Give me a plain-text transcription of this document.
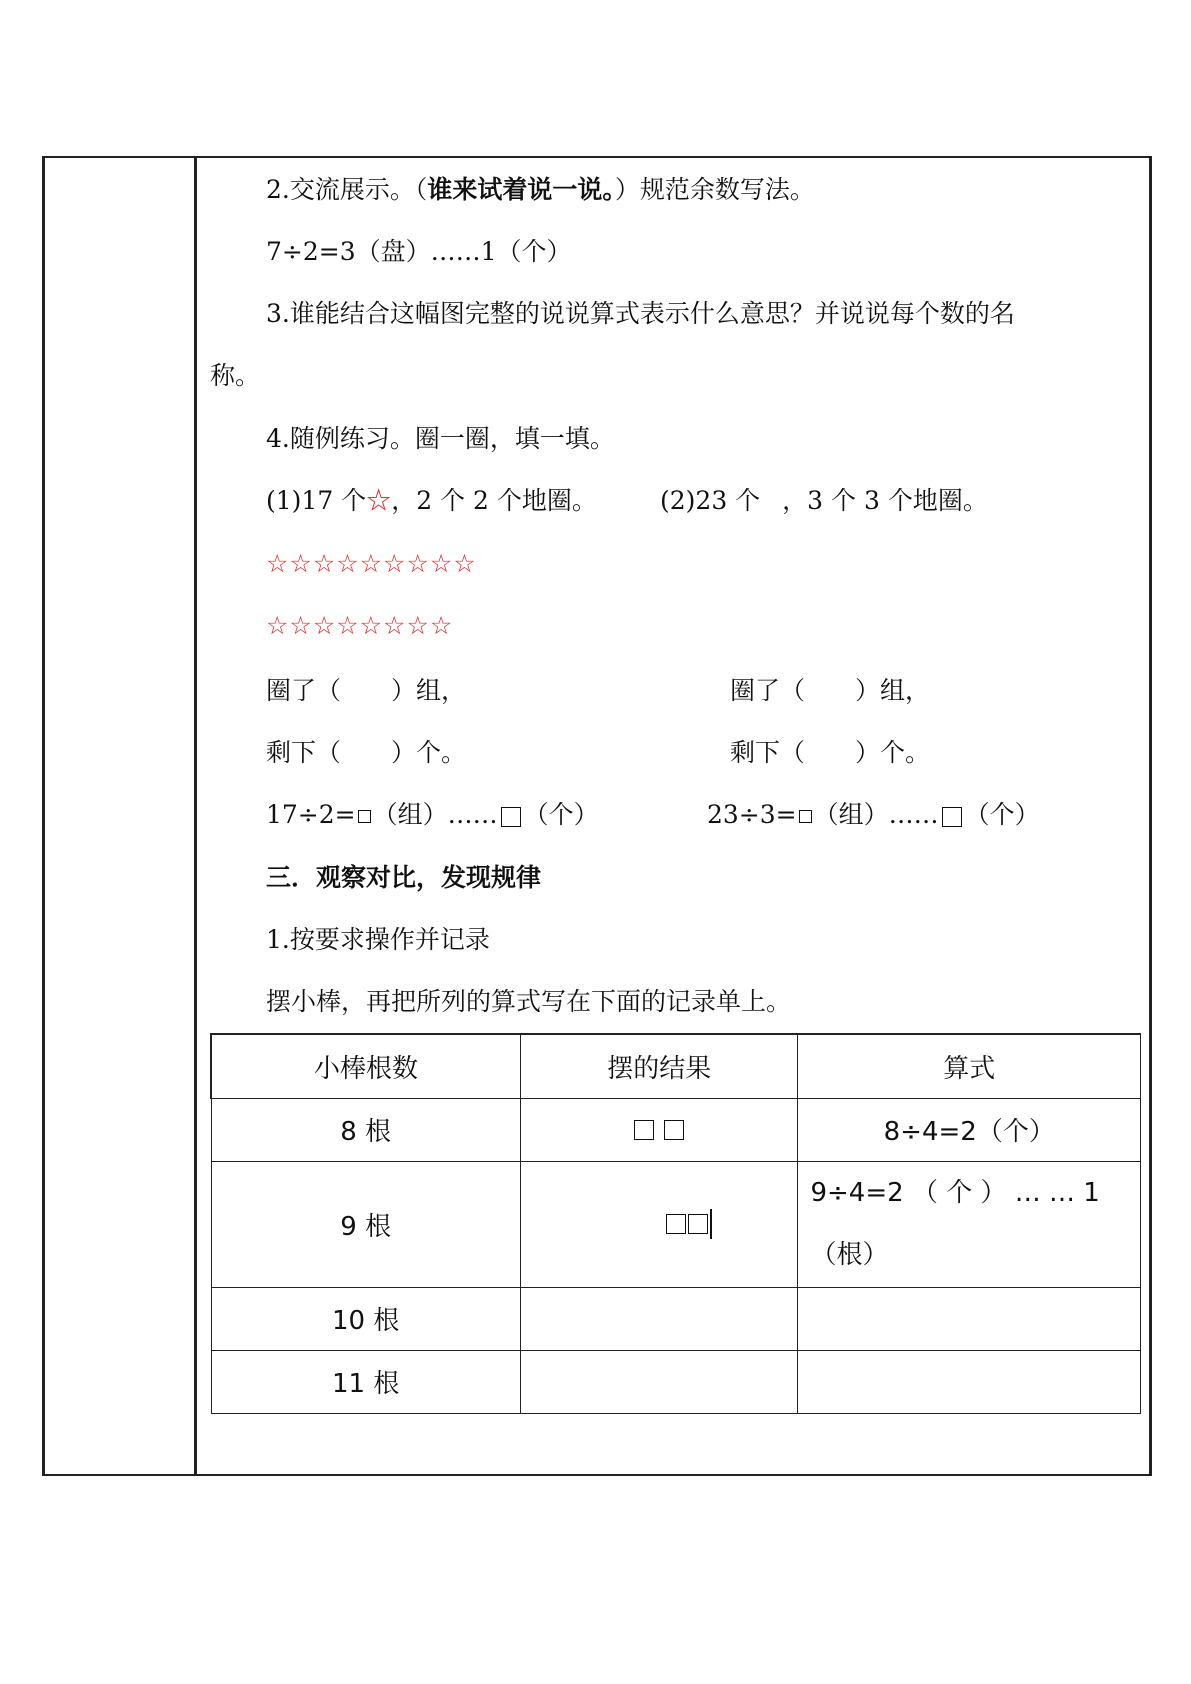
2.交流展示。（谁来试着说一说。）规范余数写法。
7÷2=3（盘）……1（个）
3.谁能结合这幅图完整的说说算式表示什么意思？并说说每个数的名
称。
4.随例练习。圈一圈，填一填。
(1)17 个☆，2 个 2 个地圈。	(2)23 个 ，3 个 3 个地圈。
☆☆☆☆☆☆☆☆☆
☆☆☆☆☆☆☆☆
圈了（　　）组，	圈了（　　）组，
剩下（　　）个。	剩下（　　）个。
17÷2= （组）…… （个）	23÷3= （组）…… （个）
三．观察对比，发现规律
1.按要求操作并记录
摆小棒，再把所列的算式写在下面的记录单上。
小棒根数	摆的结果	算式
8 根		8÷4=2（个）
9 根		9÷4=2 （ 个 ） … … 1
（根）

10 根		
11 根		
